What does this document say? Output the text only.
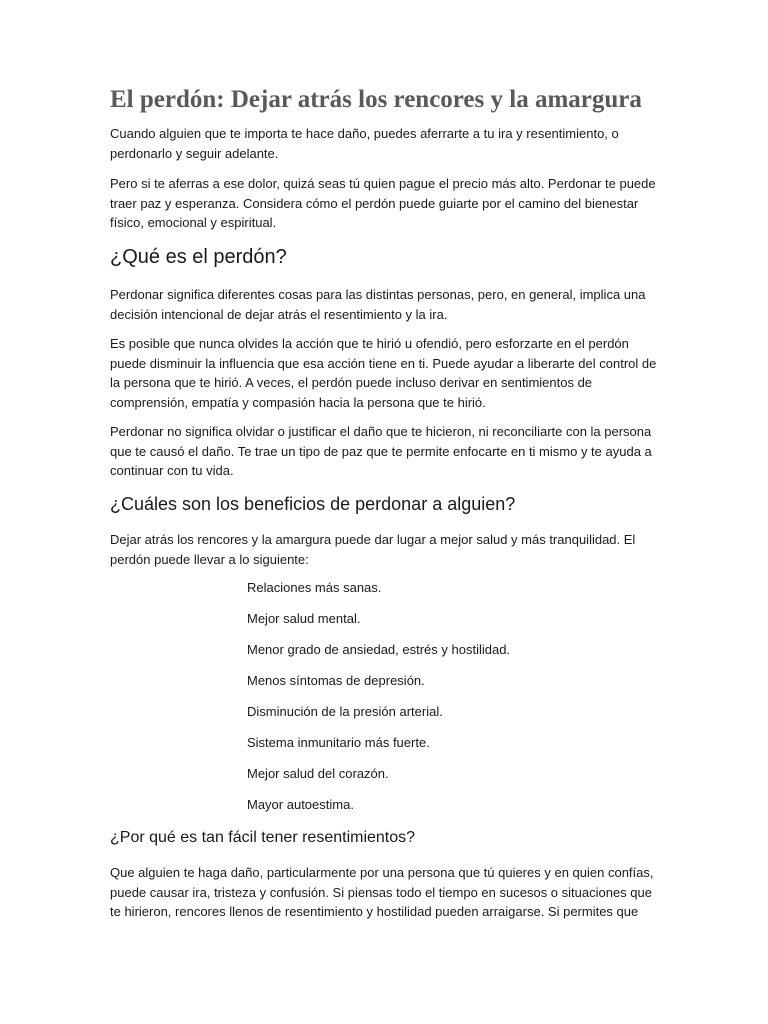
El perdón: Dejar atrás los rencores y la amargura

Cuando alguien que te importa te hace daño, puedes aferrarte a tu ira y resentimiento, o perdonarlo y seguir adelante.

Pero si te aferras a ese dolor, quizá seas tú quien pague el precio más alto. Perdonar te puede traer paz y esperanza. Considera cómo el perdón puede guiarte por el camino del bienestar físico, emocional y espiritual.

¿Qué es el perdón?

Perdonar significa diferentes cosas para las distintas personas, pero, en general, implica una decisión intencional de dejar atrás el resentimiento y la ira.

Es posible que nunca olvides la acción que te hirió u ofendió, pero esforzarte en el perdón puede disminuir la influencia que esa acción tiene en ti. Puede ayudar a liberarte del control de la persona que te hirió. A veces, el perdón puede incluso derivar en sentimientos de comprensión, empatía y compasión hacia la persona que te hirió.

Perdonar no significa olvidar o justificar el daño que te hicieron, ni reconciliarte con la persona que te causó el daño. Te trae un tipo de paz que te permite enfocarte en ti mismo y te ayuda a continuar con tu vida.

¿Cuáles son los beneficios de perdonar a alguien?

Dejar atrás los rencores y la amargura puede dar lugar a mejor salud y más tranquilidad. El perdón puede llevar a lo siguiente:

Relaciones más sanas.
Mejor salud mental.
Menor grado de ansiedad, estrés y hostilidad.
Menos síntomas de depresión.
Disminución de la presión arterial.
Sistema inmunitario más fuerte.
Mejor salud del corazón.
Mayor autoestima.
¿Por qué es tan fácil tener resentimientos?

Que alguien te haga daño, particularmente por una persona que tú quieres y en quien confías, puede causar ira, tristeza y confusión. Si piensas todo el tiempo en sucesos o situaciones que te hirieron, rencores llenos de resentimiento y hostilidad pueden arraigarse. Si permites que
